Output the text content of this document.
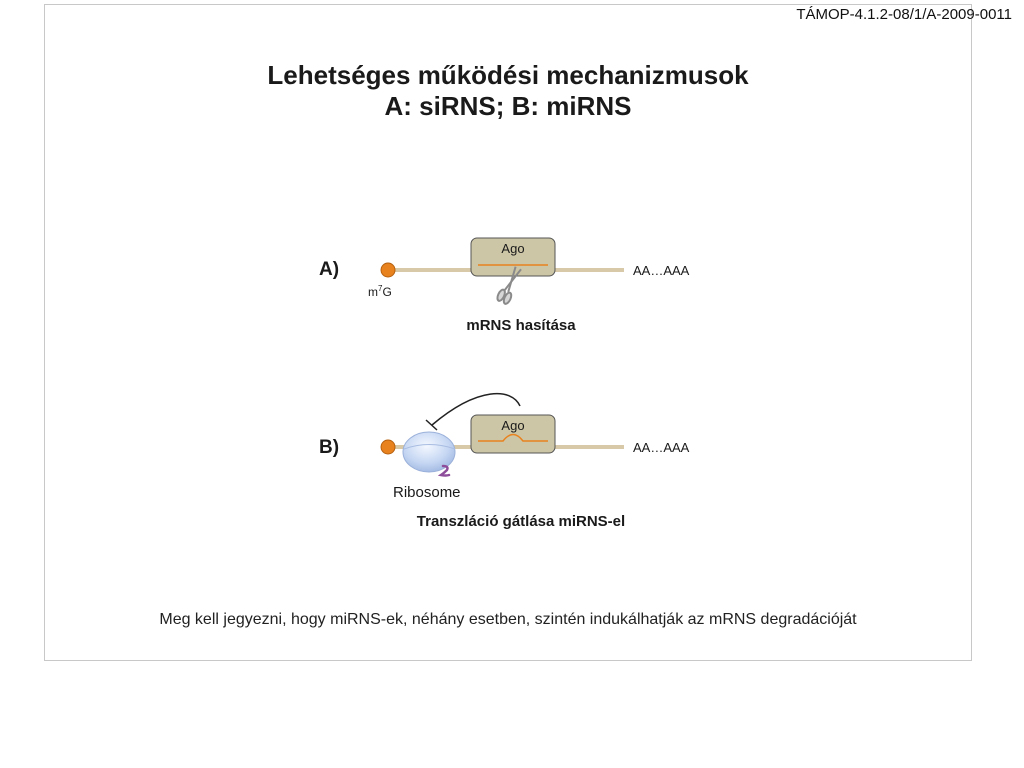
TÁMOP-4.1.2-08/1/A-2009-0011
Lehetséges működési mechanizmusok
A: siRNS; B: miRNS
A)
$m^7G$
Ago
AA…AAA
mRNS hasítása
B)
Ago
AA…AAA
Ribosome
Transzláció gátlása miRNS-el
Meg kell jegyezni, hogy miRNS-ek, néhány esetben, szintén indukálhatják az mRNS degradációját
